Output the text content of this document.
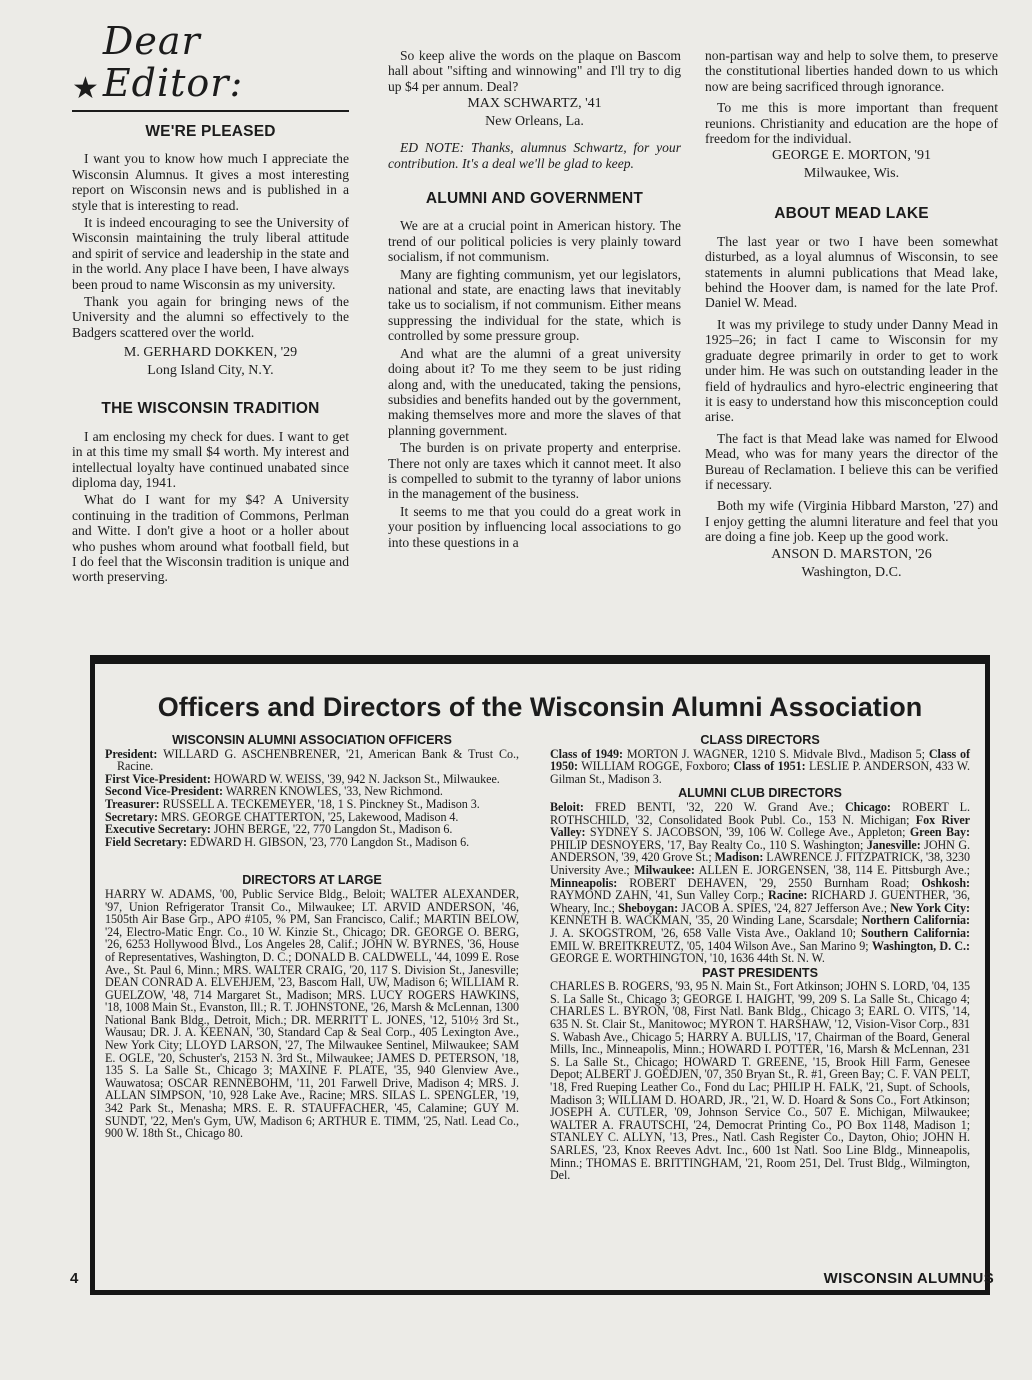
★
Dear Editor:
WE'RE PLEASED

I want you to know how much I appreciate the Wisconsin Alumnus. It gives a most interesting report on Wisconsin news and is published in a style that is interesting to read.

It is indeed encouraging to see the University of Wisconsin maintaining the truly liberal attitude and spirit of service and leadership in the state and in the world. Any place I have been, I have always been proud to name Wisconsin as my university.

Thank you again for bringing news of the University and the alumni so effectively to the Badgers scattered over the world.

M. GERHARD DOKKEN, '29

Long Island City, N.Y.

THE WISCONSIN TRADITION

I am enclosing my check for dues. I want to get in at this time my small $4 worth. My interest and intellectual loyalty have continued unabated since diploma day, 1941.

What do I want for my $4? A University continuing in the tradition of Commons, Perlman and Witte. I don't give a hoot or a holler about who pushes whom around what football field, but I do feel that the Wisconsin tradition is unique and worth preserving.

So keep alive the words on the plaque on Bascom hall about "sifting and winnowing" and I'll try to dig up $4 per annum. Deal?

MAX SCHWARTZ, '41

New Orleans, La.

ED NOTE: Thanks, alumnus Schwartz, for your contribution. It's a deal we'll be glad to keep.

ALUMNI AND GOVERNMENT

We are at a crucial point in American history. The trend of our political policies is very plainly toward socialism, if not communism.

Many are fighting communism, yet our legislators, national and state, are enacting laws that inevitably take us to socialism, if not communism. Either means suppressing the individual for the state, which is controlled by some pressure group.

And what are the alumni of a great university doing about it? To me they seem to be just riding along and, with the uneducated, taking the pensions, subsidies and benefits handed out by the government, making themselves more and more the slaves of that planning government.

The burden is on private property and enterprise. There not only are taxes which it cannot meet. It also is compelled to submit to the tyranny of labor unions in the management of the business.

It seems to me that you could do a great work in your position by influencing local associations to go into these questions in a

non-partisan way and help to solve them, to preserve the constitutional liberties handed down to us which now are being sacrificed through ignorance.

To me this is more important than frequent reunions. Christianity and education are the hope of freedom for the individual.

GEORGE E. MORTON, '91

Milwaukee, Wis.

ABOUT MEAD LAKE

The last year or two I have been somewhat disturbed, as a loyal alumnus of Wisconsin, to see statements in alumni publications that Mead lake, behind the Hoover dam, is named for the late Prof. Daniel W. Mead.

It was my privilege to study under Danny Mead in 1925–26; in fact I came to Wisconsin for my graduate degree primarily in order to get to work under him. He was such on outstanding leader in the field of hydraulics and hyro-electric engineering that it is easy to understand how this misconception could arise.

The fact is that Mead lake was named for Elwood Mead, who was for many years the director of the Bureau of Reclamation. I believe this can be verified if necessary.

Both my wife (Virginia Hibbard Marston, '27) and I enjoy getting the alumni literature and feel that you are doing a fine job. Keep up the good work.

ANSON D. MARSTON, '26

Washington, D.C.

Officers and Directors of the Wisconsin Alumni Association
WISCONSIN ALUMNI ASSOCIATION OFFICERS

President: WILLARD G. ASCHENBRENER, '21, American Bank & Trust Co., Racine.

First Vice-President: HOWARD W. WEISS, '39, 942 N. Jackson St., Milwaukee.

Second Vice-President: WARREN KNOWLES, '33, New Richmond.

Treasurer: RUSSELL A. TECKEMEYER, '18, 1 S. Pinckney St., Madison 3.

Secretary: MRS. GEORGE CHATTERTON, '25, Lakewood, Madison 4.

Executive Secretary: JOHN BERGE, '22, 770 Langdon St., Madison 6.

Field Secretary: EDWARD H. GIBSON, '23, 770 Langdon St., Madison 6.

DIRECTORS AT LARGE

HARRY W. ADAMS, '00, Public Service Bldg., Beloit; WALTER ALEXANDER, '97, Union Refrigerator Transit Co., Milwaukee; LT. ARVID ANDERSON, '46, 1505th Air Base Grp., APO #105, % PM, San Francisco, Calif.; MARTIN BELOW, '24, Electro-Matic Engr. Co., 10 W. Kinzie St., Chicago; DR. GEORGE O. BERG, '26, 6253 Hollywood Blvd., Los Angeles 28, Calif.; JOHN W. BYRNES, '36, House of Representatives, Washington, D. C.; DONALD B. CALDWELL, '44, 1099 E. Rose Ave., St. Paul 6, Minn.; MRS. WALTER CRAIG, '20, 117 S. Division St., Janesville; DEAN CONRAD A. ELVEHJEM, '23, Bascom Hall, UW, Madison 6; WILLIAM R. GUELZOW, '48, 714 Margaret St., Madison; MRS. LUCY ROGERS HAWKINS, '18, 1008 Main St., Evanston, Ill.; R. T. JOHNSTONE, '26, Marsh & McLennan, 1300 National Bank Bldg., Detroit, Mich.; DR. MERRITT L. JONES, '12, 510½ 3rd St., Wausau; DR. J. A. KEENAN, '30, Standard Cap & Seal Corp., 405 Lexington Ave., New York City; LLOYD LARSON, '27, The Milwaukee Sentinel, Milwaukee; SAM E. OGLE, '20, Schuster's, 2153 N. 3rd St., Milwaukee; JAMES D. PETERSON, '18, 135 S. La Salle St., Chicago 3; MAXINE F. PLATE, '35, 940 Glenview Ave., Wauwatosa; OSCAR RENNEBOHM, '11, 201 Farwell Drive, Madison 4; MRS. J. ALLAN SIMPSON, '10, 928 Lake Ave., Racine; MRS. SILAS L. SPENGLER, '19, 342 Park St., Menasha; MRS. E. R. STAUFFACHER, '45, Calamine; GUY M. SUNDT, '22, Men's Gym, UW, Madison 6; ARTHUR E. TIMM, '25, Natl. Lead Co., 900 W. 18th St., Chicago 80.

CLASS DIRECTORS

Class of 1949: MORTON J. WAGNER, 1210 S. Midvale Blvd., Madison 5; Class of 1950: WILLIAM ROGGE, Foxboro; Class of 1951: LESLIE P. ANDERSON, 433 W. Gilman St., Madison 3.

ALUMNI CLUB DIRECTORS

Beloit: FRED BENTI, '32, 220 W. Grand Ave.; Chicago: ROBERT L. ROTHSCHILD, '32, Consolidated Book Publ. Co., 153 N. Michigan; Fox River Valley: SYDNEY S. JACOBSON, '39, 106 W. College Ave., Appleton; Green Bay: PHILIP DESNOYERS, '17, Bay Realty Co., 110 S. Washington; Janesville: JOHN G. ANDERSON, '39, 420 Grove St.; Madison: LAWRENCE J. FITZPATRICK, '38, 3230 University Ave.; Milwaukee: ALLEN E. JORGENSEN, '38, 114 E. Pittsburgh Ave.; Minneapolis: ROBERT DEHAVEN, '29, 2550 Burnham Road; Oshkosh: RAYMOND ZAHN, '41, Sun Valley Corp.; Racine: RICHARD J. GUENTHER, '36, Wheary, Inc.; Sheboygan: JACOB A. SPIES, '24, 827 Jefferson Ave.; New York City: KENNETH B. WACKMAN, '35, 20 Winding Lane, Scarsdale; Northern California: J. A. SKOGSTROM, '26, 658 Valle Vista Ave., Oakland 10; Southern California: EMIL W. BREITKREUTZ, '05, 1404 Wilson Ave., San Marino 9; Washington, D. C.: GEORGE E. WORTHINGTON, '10, 1636 44th St. N. W.

PAST PRESIDENTS

CHARLES B. ROGERS, '93, 95 N. Main St., Fort Atkinson; JOHN S. LORD, '04, 135 S. La Salle St., Chicago 3; GEORGE I. HAIGHT, '99, 209 S. La Salle St., Chicago 4; CHARLES L. BYRON, '08, First Natl. Bank Bldg., Chicago 3; EARL O. VITS, '14, 635 N. St. Clair St., Manitowoc; MYRON T. HARSHAW, '12, Vision-Visor Corp., 831 S. Wabash Ave., Chicago 5; HARRY A. BULLIS, '17, Chairman of the Board, General Mills, Inc., Minneapolis, Minn.; HOWARD I. POTTER, '16, Marsh & McLennan, 231 S. La Salle St., Chicago; HOWARD T. GREENE, '15, Brook Hill Farm, Genesee Depot; ALBERT J. GOEDJEN, '07, 350 Bryan St., R. #1, Green Bay; C. F. VAN PELT, '18, Fred Rueping Leather Co., Fond du Lac; PHILIP H. FALK, '21, Supt. of Schools, Madison 3; WILLIAM D. HOARD, JR., '21, W. D. Hoard & Sons Co., Fort Atkinson; JOSEPH A. CUTLER, '09, Johnson Service Co., 507 E. Michigan, Milwaukee; WALTER A. FRAUTSCHI, '24, Democrat Printing Co., PO Box 1148, Madison 1; STANLEY C. ALLYN, '13, Pres., Natl. Cash Register Co., Dayton, Ohio; JOHN H. SARLES, '23, Knox Reeves Advt. Inc., 600 1st Natl. Soo Line Bldg., Minneapolis, Minn.; THOMAS E. BRITTINGHAM, '21, Room 251, Del. Trust Bldg., Wilmington, Del.

4	WISCONSIN ALUMNUS
